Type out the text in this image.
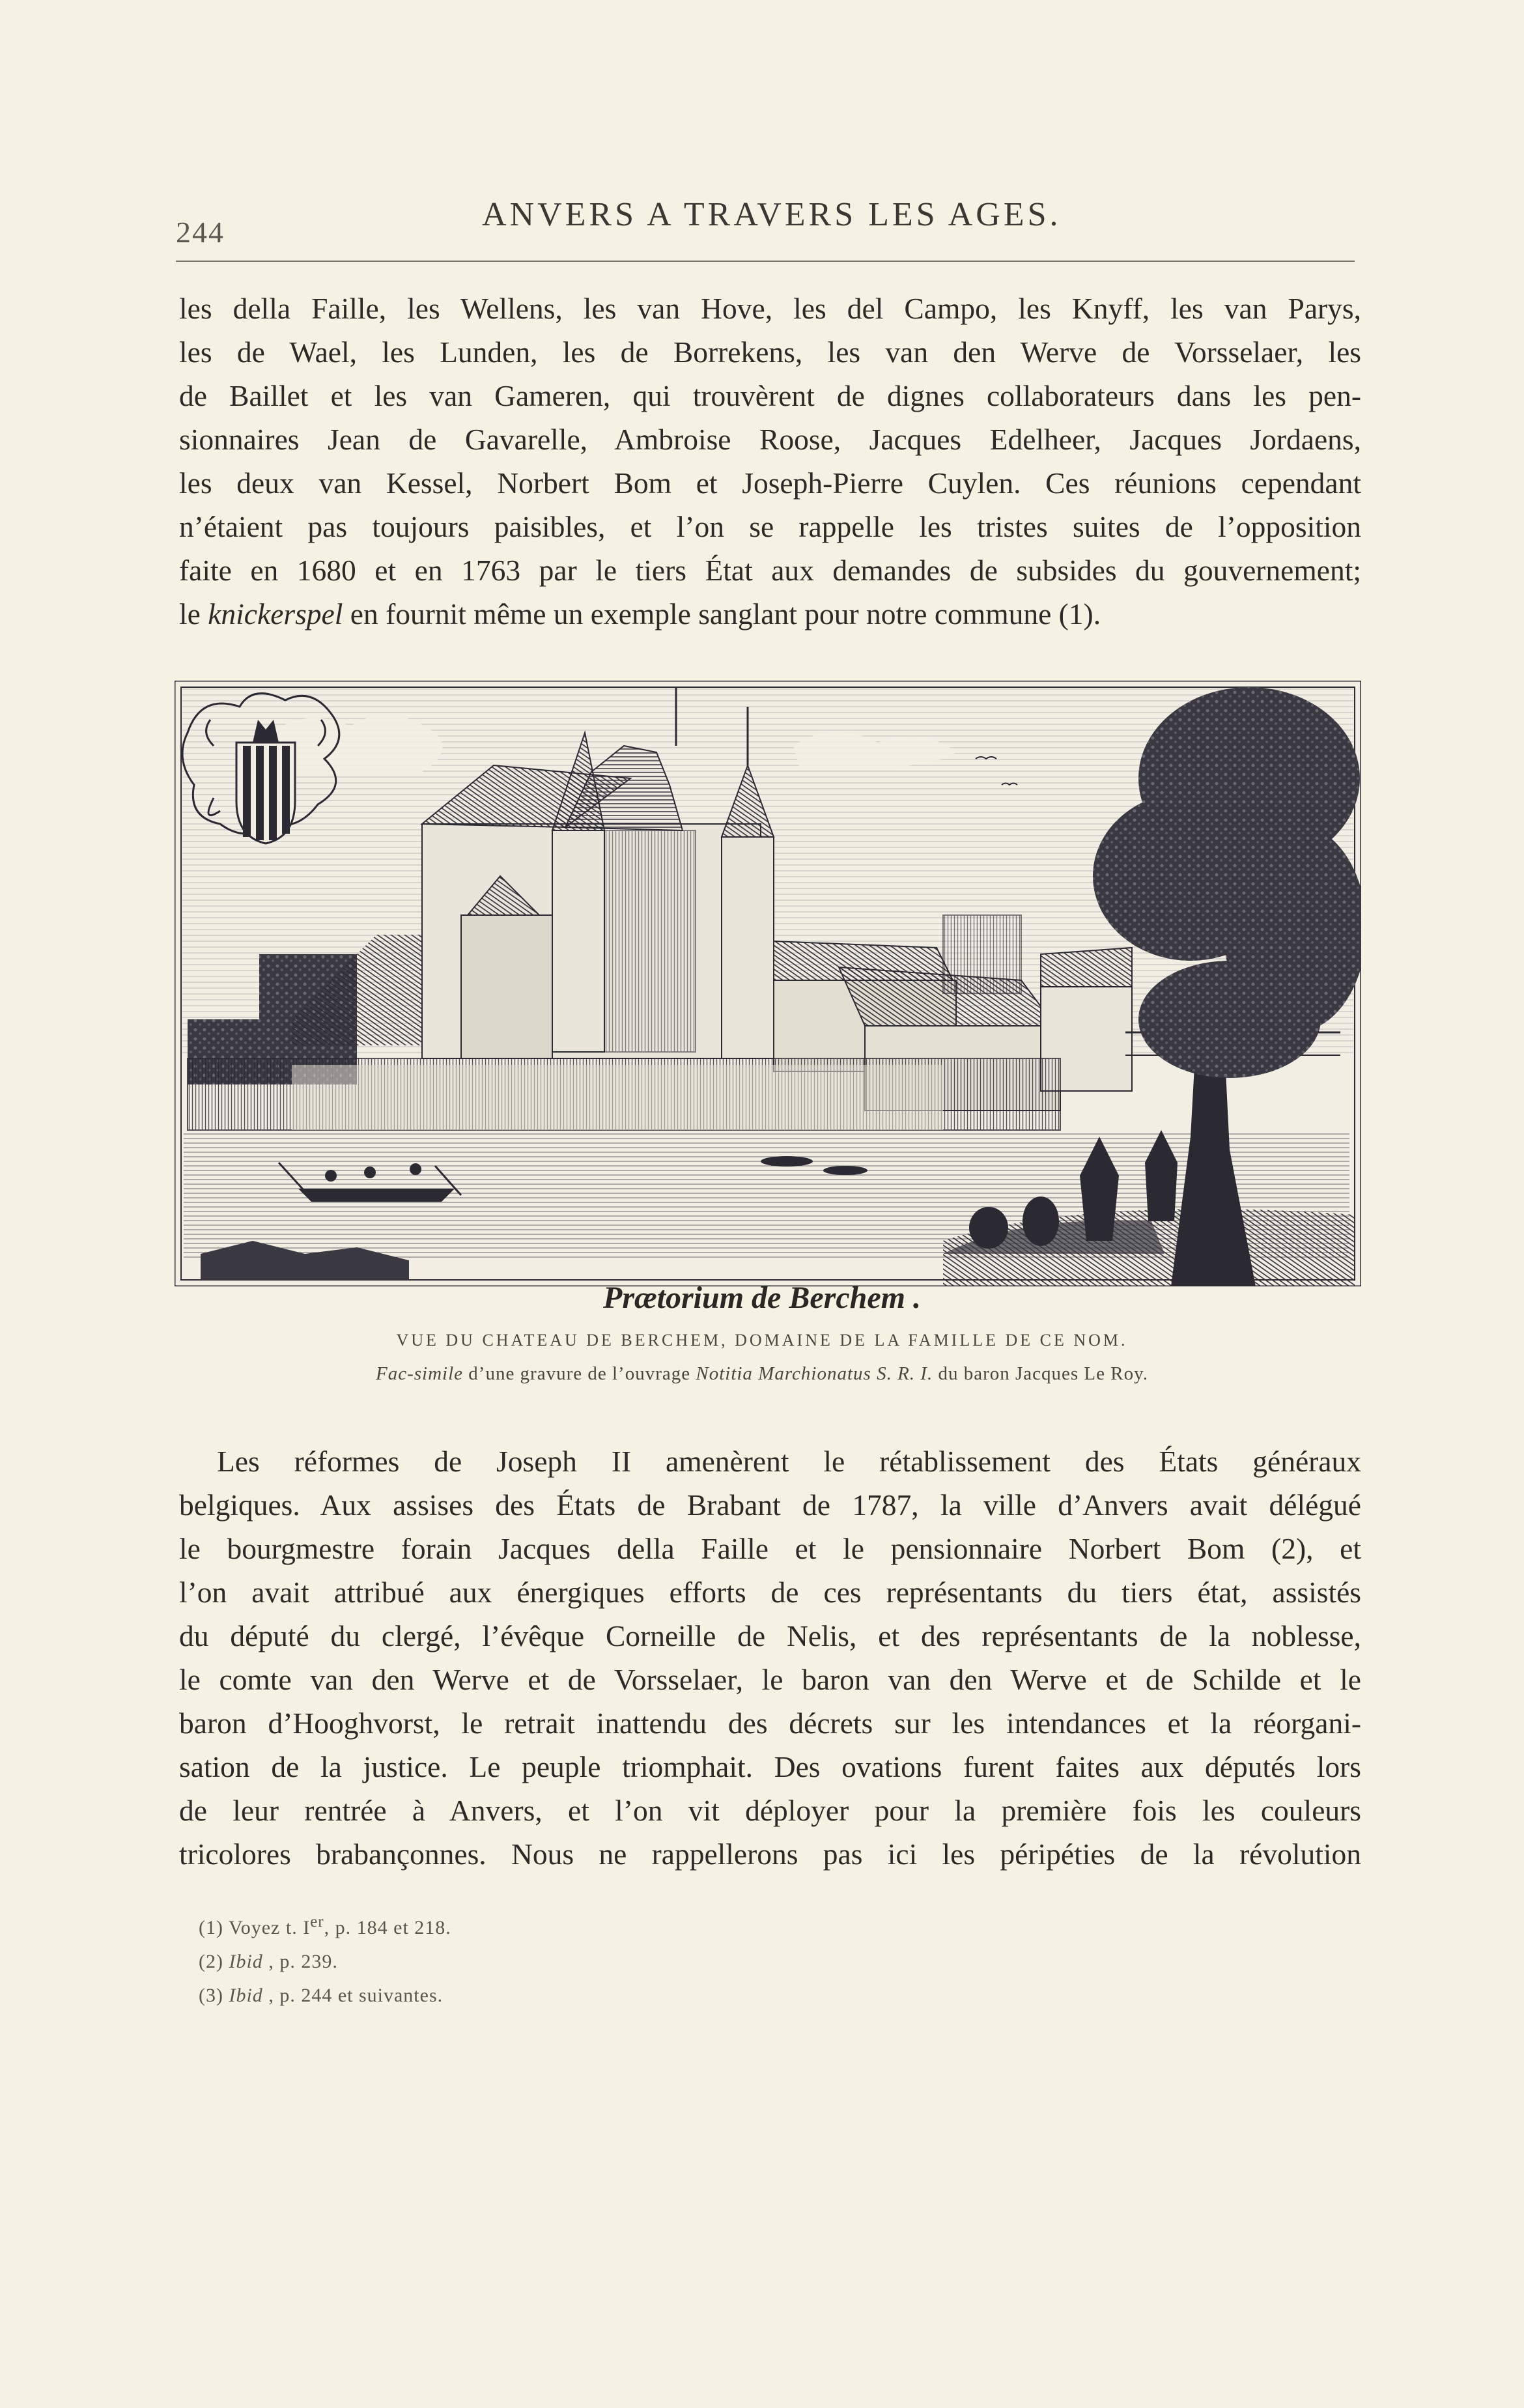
244	ANVERS A TRAVERS LES AGES.

les della Faille, les Wellens, les van Hove, les del Campo, les Knyff, les van Parys,
les de Wael, les Lunden, les de Borrekens, les van den Werve de Vorsselaer, les
de Baillet et les van Gameren, qui trouvèrent de dignes collaborateurs dans les pen-
sionnaires Jean de Gavarelle, Ambroise Roose, Jacques Edelheer, Jacques Jordaens,
les deux van Kessel, Norbert Bom et Joseph-Pierre Cuylen. Ces réunions cependant
n’étaient pas toujours paisibles, et l’on se rappelle les tristes suites de l’opposition
faite en 1680 et en 1763 par le tiers État aux demandes de subsides du gouvernement;
le knickerspel en fournit même un exemple sanglant pour notre commune (1).

Prætorium de Berchem .
VUE DU CHATEAU DE BERCHEM, DOMAINE DE LA FAMILLE DE CE NOM.
Fac-simile d’une gravure de l’ouvrage Notitia Marchionatus S. R. I. du baron Jacques Le Roy.

Les réformes de Joseph II amenèrent le rétablissement des États généraux
belgiques. Aux assises des États de Brabant de 1787, la ville d’Anvers avait délégué
le bourgmestre forain Jacques della Faille et le pensionnaire Norbert Bom (2), et
l’on avait attribué aux énergiques efforts de ces représentants du tiers état, assistés
du député du clergé, l’évêque Corneille de Nelis, et des représentants de la noblesse,
le comte van den Werve et de Vorsselaer, le baron van den Werve et de Schilde et le
baron d’Hooghvorst, le retrait inattendu des décrets sur les intendances et la réorgani-
sation de la justice. Le peuple triomphait. Des ovations furent faites aux députés lors
de leur rentrée à Anvers, et l’on vit déployer pour la première fois les couleurs
tricolores brabançonnes. Nous ne rappellerons pas ici les péripéties de la révolution

(1) Voyez t. Ier, p. 184 et 218.
(2) Ibid , p. 239.
(3) Ibid , p. 244 et suivantes.
